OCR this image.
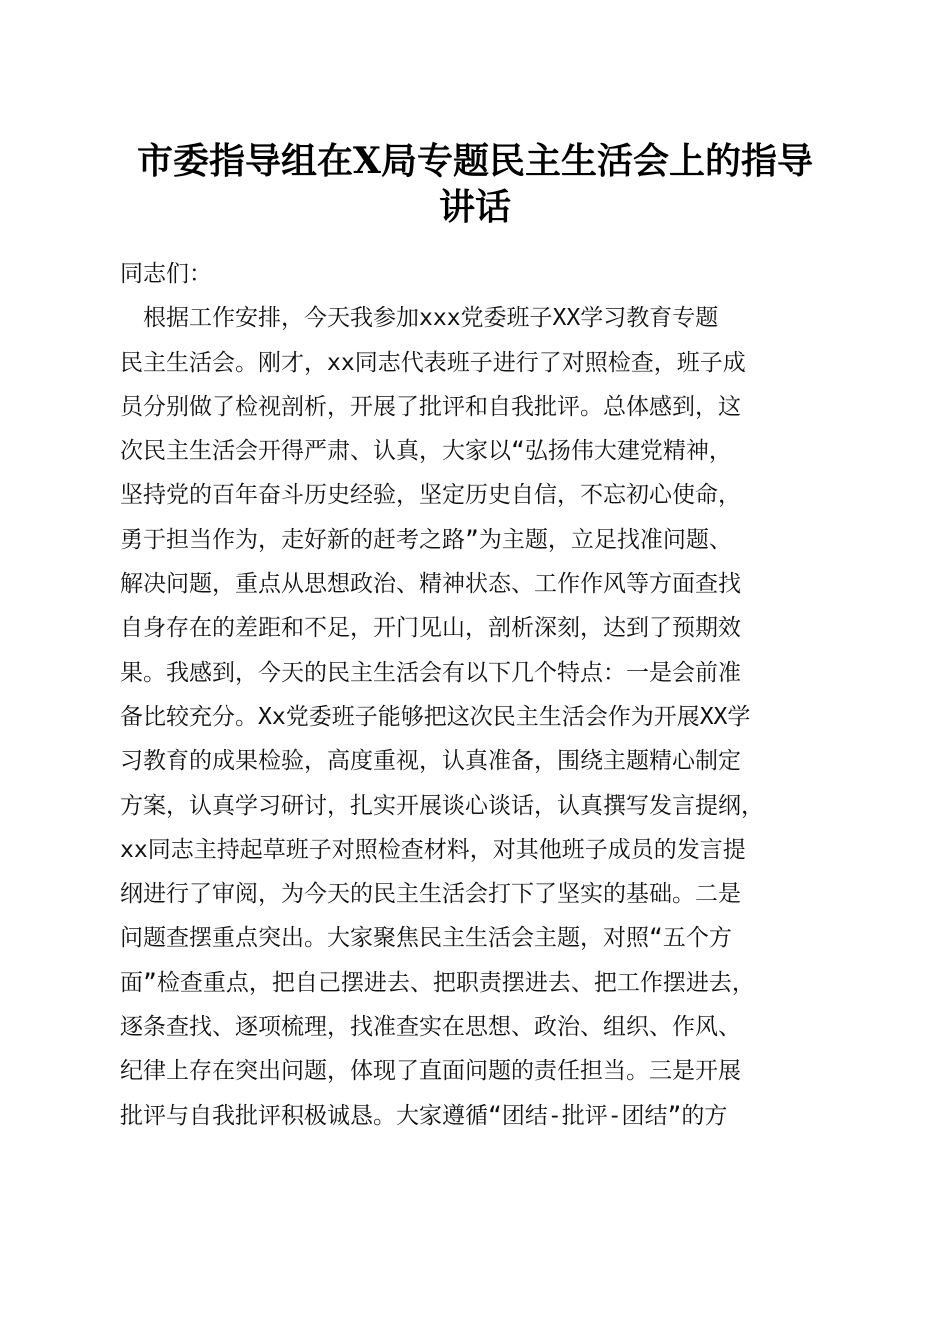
市委指导组在X局专题民主生活会上的指导
讲话
同志们：
　根据工作安排，今天我参加xxx党委班子XX学习教育专题
民主生活会。刚才，xx同志代表班子进行了对照检查，班子成
员分别做了检视剖析，开展了批评和自我批评。总体感到，这
次民主生活会开得严肃、认真，大家以“弘扬伟大建党精神，
坚持党的百年奋斗历史经验，坚定历史自信，不忘初心使命，
勇于担当作为，走好新的赶考之路”为主题，立足找准问题、
解决问题，重点从思想政治、精神状态、工作作风等方面查找
自身存在的差距和不足，开门见山，剖析深刻，达到了预期效
果。我感到，今天的民主生活会有以下几个特点：一是会前准
备比较充分。Xx党委班子能够把这次民主生活会作为开展XX学
习教育的成果检验，高度重视，认真准备，围绕主题精心制定
方案，认真学习研讨，扎实开展谈心谈话，认真撰写发言提纲，
xx同志主持起草班子对照检查材料，对其他班子成员的发言提
纲进行了审阅，为今天的民主生活会打下了坚实的基础。二是
问题查摆重点突出。大家聚焦民主生活会主题，对照“五个方
面”检查重点，把自己摆进去、把职责摆进去、把工作摆进去，
逐条查找、逐项梳理，找准查实在思想、政治、组织、作风、
纪律上存在突出问题，体现了直面问题的责任担当。三是开展
批评与自我批评积极诚恳。大家遵循“团结-批评-团结”的方
